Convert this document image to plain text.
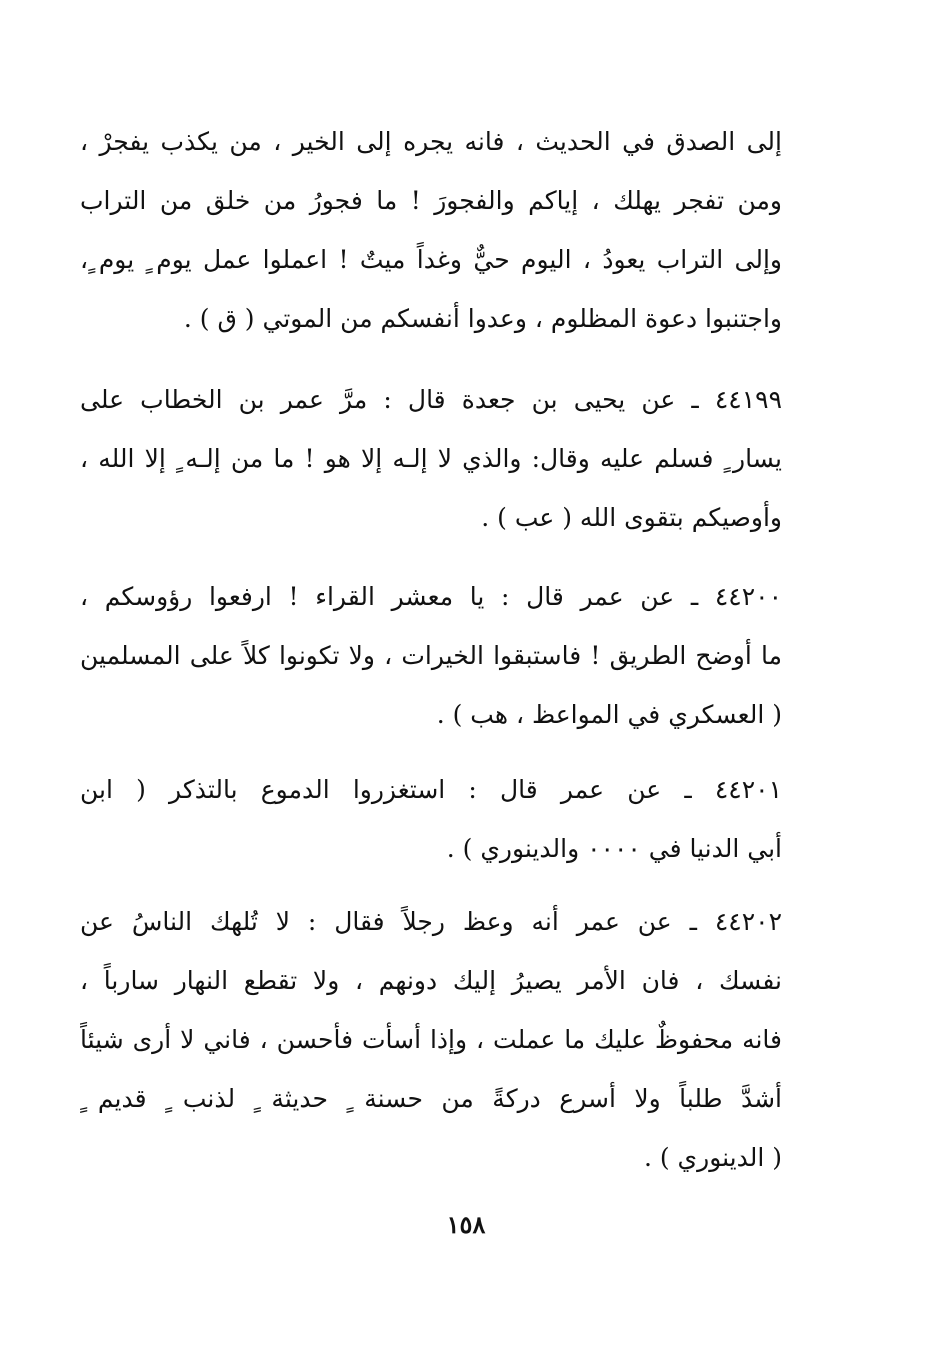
إلى الصدق في الحديث ، فانه يجره إلى الخير ، من يكذب يفجرْ ،
ومن تفجر يهلك ، إياكم والفجورَ ! ما فجورُ من خلق من التراب
وإلى التراب يعودُ ، اليوم حيٌّ وغداً ميتٌ ! اعملوا عمل يوم ٍ يوم ٍ،
واجتنبوا دعوة المظلوم ، وعدوا أنفسكم من الموتي ( ق ) .
٤٤١٩٩ ـ عن يحيى بن جعدة قال : مرَّ عمر بن الخطاب على
يسار ٍ فسلم عليه وقال: والذي لا إلـه إلا هو ! ما من إلـه ٍ إلا الله ،
وأوصيكم بتقوى الله ( عب ) .
٤٤٢٠٠ ـ عن عمر قال : يا معشر القراء ! ارفعوا رؤوسكم ،
ما أوضح الطريق ! فاستبقوا الخيرات ، ولا تكونوا كلاً على المسلمين
( العسكري في المواعظ ، هب ) .
٤٤٢٠١ ـ عن عمر قال : استغزروا الدموع بالتذكر ( ابن
أبي الدنيا في ٠٠٠٠ والدينوري ) .
٤٤٢٠٢ ـ عن عمر أنه وعظ رجلاً فقال : لا تُلهك الناسُ عن
نفسك ، فان الأمر يصيرُ إليك دونهم ، ولا تقطع النهار سارباً ،
فانه محفوظٌ عليك ما عملت ، وإذا أسأت فأحسن ، فاني لا أرى شيئاً
أشدَّ طلباً ولا أسرع دركةً من حسنة ٍ حديثة ٍ لذنب ٍ قديم ٍ
( الدينوري ) .
١٥٨
